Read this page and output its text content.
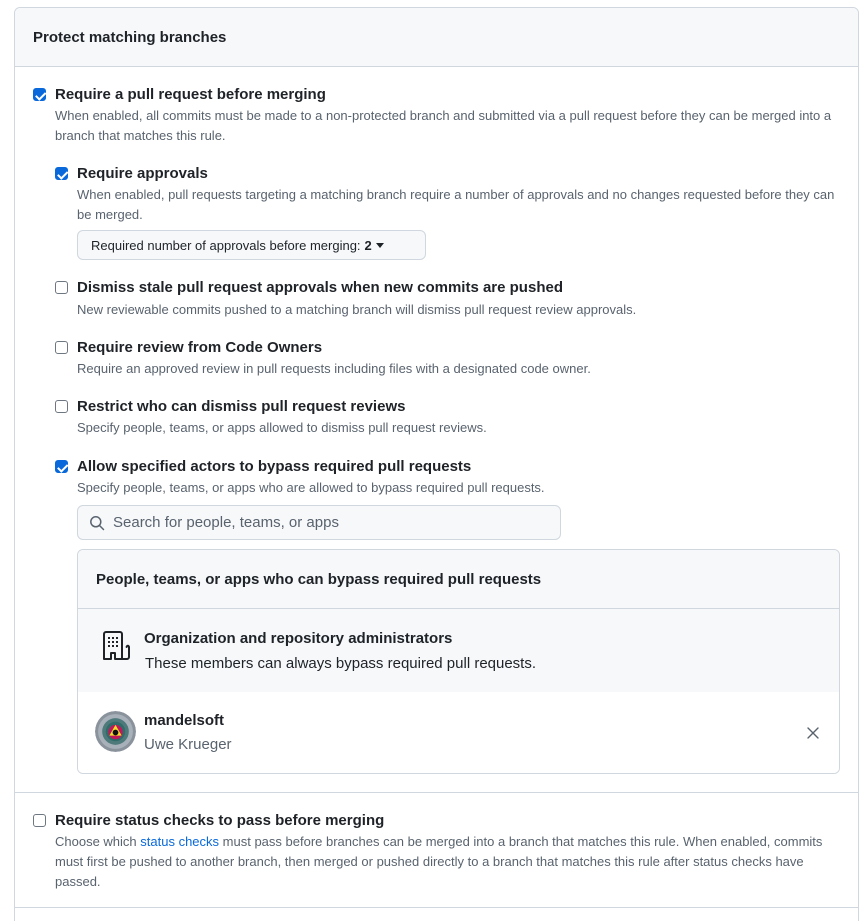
Protect matching branches
Require a pull request before merging
When enabled, all commits must be made to a non-protected branch and submitted via a pull request before they can be merged into a branch that matches this rule.
Require approvals
When enabled, pull requests targeting a matching branch require a number of approvals and no changes requested before they can be merged.
Required number of approvals before merging: 2
Dismiss stale pull request approvals when new commits are pushed
New reviewable commits pushed to a matching branch will dismiss pull request review approvals.
Require review from Code Owners
Require an approved review in pull requests including files with a designated code owner.
Restrict who can dismiss pull request reviews
Specify people, teams, or apps allowed to dismiss pull request reviews.
Allow specified actors to bypass required pull requests
Specify people, teams, or apps who are allowed to bypass required pull requests.
Search for people, teams, or apps
People, teams, or apps who can bypass required pull requests
Organization and repository administrators
These members can always bypass required pull requests.
mandelsoft
Uwe Krueger
Require status checks to pass before merging
Choose which status checks must pass before branches can be merged into a branch that matches this rule. When enabled, commits must first be pushed to another branch, then merged or pushed directly to a branch that matches this rule after status checks have passed.
